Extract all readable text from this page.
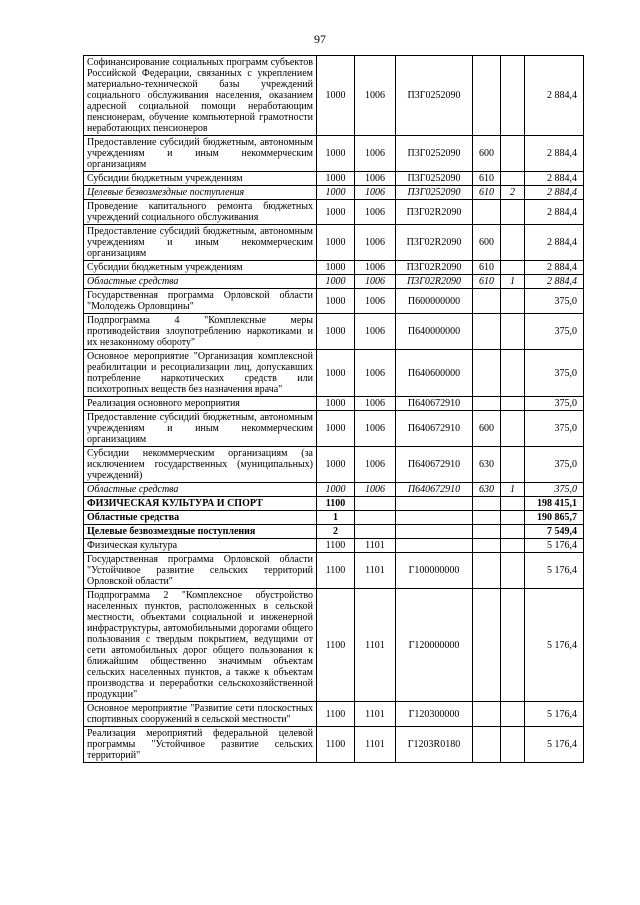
97
Софинансирование социальных программ субъектов Российской Федерации, связанных с укреплением материально-технической базы учреждений социального обслуживания населения, оказанием адресной социальной помощи неработающим пенсионерам, обучение компьютерной грамотности неработающих пенсионеров	1000	1006	П3Г0252090			2 884,4
Предоставление субсидий бюджетным, автономным учреждениям и иным некоммерческим организациям	1000	1006	П3Г0252090	600		2 884,4
Субсидии бюджетным учреждениям	1000	1006	П3Г0252090	610		2 884,4
Целевые безвозмездные поступления	1000	1006	П3Г0252090	610	2	2 884,4
Проведение капитального ремонта бюджетных учреждений социального обслуживания	1000	1006	П3Г02R2090			2 884,4
Предоставление субсидий бюджетным, автономным учреждениям и иным некоммерческим организациям	1000	1006	П3Г02R2090	600		2 884,4
Субсидии бюджетным учреждениям	1000	1006	П3Г02R2090	610		2 884,4
Областные средства	1000	1006	П3Г02R2090	610	1	2 884,4
Государственная программа Орловской области "Молодежь Орловщины"	1000	1006	П600000000			375,0
Подпрограмма 4 "Комплексные меры противодействия злоупотреблению наркотиками и их незаконному обороту"	1000	1006	П640000000			375,0
Основное мероприятие "Организация комплексной реабилитации и ресоциализации лиц, допускавших потребление наркотических средств или психотропных веществ без назначения врача"	1000	1006	П640600000			375,0
Реализация основного мероприятия	1000	1006	П640672910			375,0
Предоставление субсидий бюджетным, автономным учреждениям и иным некоммерческим организациям	1000	1006	П640672910	600		375,0
Субсидии некоммерческим организациям (за исключением государственных (муниципальных) учреждений)	1000	1006	П640672910	630		375,0
Областные средства	1000	1006	П640672910	630	1	375,0
ФИЗИЧЕСКАЯ КУЛЬТУРА И СПОРТ	1100					198 415,1
Областные средства	1					190 865,7
Целевые безвозмездные поступления	2					7 549,4
Физическая культура	1100	1101				5 176,4
Государственная программа Орловской области "Устойчивое развитие сельских территорий Орловской области"	1100	1101	Г100000000			5 176,4
Подпрограмма 2 "Комплексное обустройство населенных пунктов, расположенных в сельской местности, объектами социальной и инженерной инфраструктуры, автомобильными дорогами общего пользования с твердым покрытием, ведущими от сети автомобильных дорог общего пользования к ближайшим общественно значимым объектам сельских населенных пунктов, а также к объектам производства и переработки сельскохозяйственной продукции"	1100	1101	Г120000000			5 176,4
Основное мероприятие "Развитие сети плоскостных спортивных сооружений в сельской местности"	1100	1101	Г120300000			5 176,4
Реализация мероприятий федеральной целевой программы "Устойчивое развитие сельских территорий"	1100	1101	Г1203R0180			5 176,4
